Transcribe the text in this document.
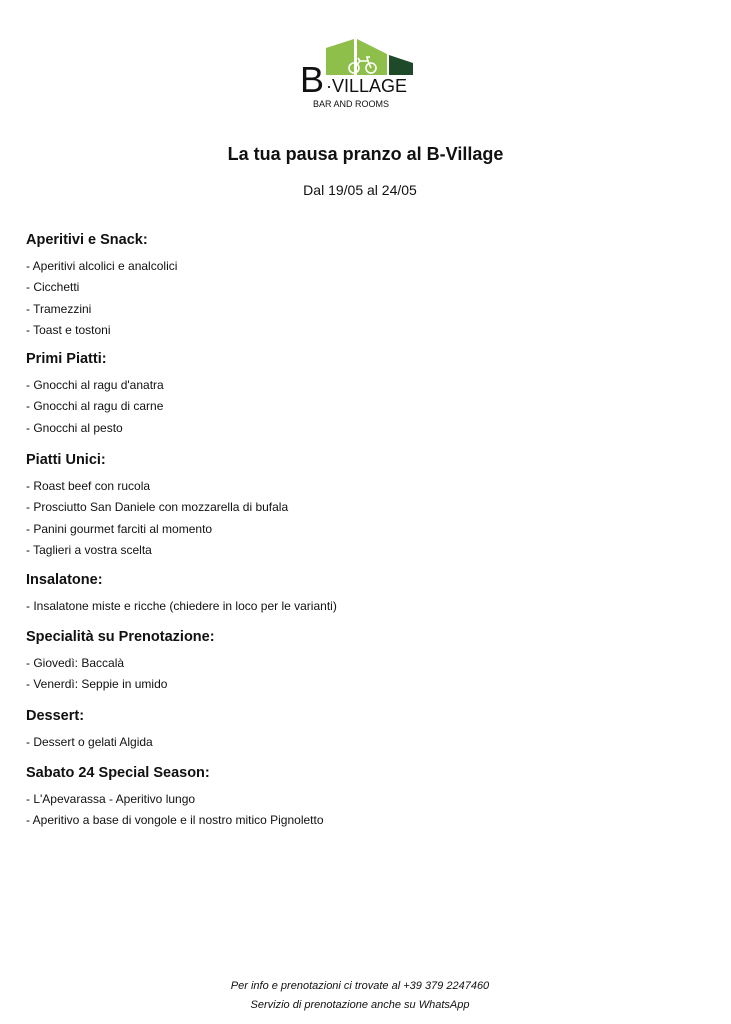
B ·VILLAGE
BAR AND ROOMS
La tua pausa pranzo al B-Village
Dal 19/05 al 24/05
Aperitivi e Snack:
- Aperitivi alcolici e analcolici
- Cicchetti
- Tramezzini
- Toast e tostoni
Primi Piatti:
- Gnocchi al ragu d'anatra
- Gnocchi al ragu di carne
- Gnocchi al pesto
Piatti Unici:
- Roast beef con rucola
- Prosciutto San Daniele con mozzarella di bufala
- Panini gourmet farciti al momento
- Taglieri a vostra scelta
Insalatone:
- Insalatone miste e ricche (chiedere in loco per le varianti)
Specialità su Prenotazione:
- Giovedì: Baccalà
- Venerdì: Seppie in umido
Dessert:
- Dessert o gelati Algida
Sabato 24 Special Season:
- L'Apevarassa - Aperitivo lungo
- Aperitivo a base di vongole e il nostro mitico Pignoletto
Per info e prenotazioni ci trovate al +39 379 2247460
Servizio di prenotazione anche su WhatsApp
